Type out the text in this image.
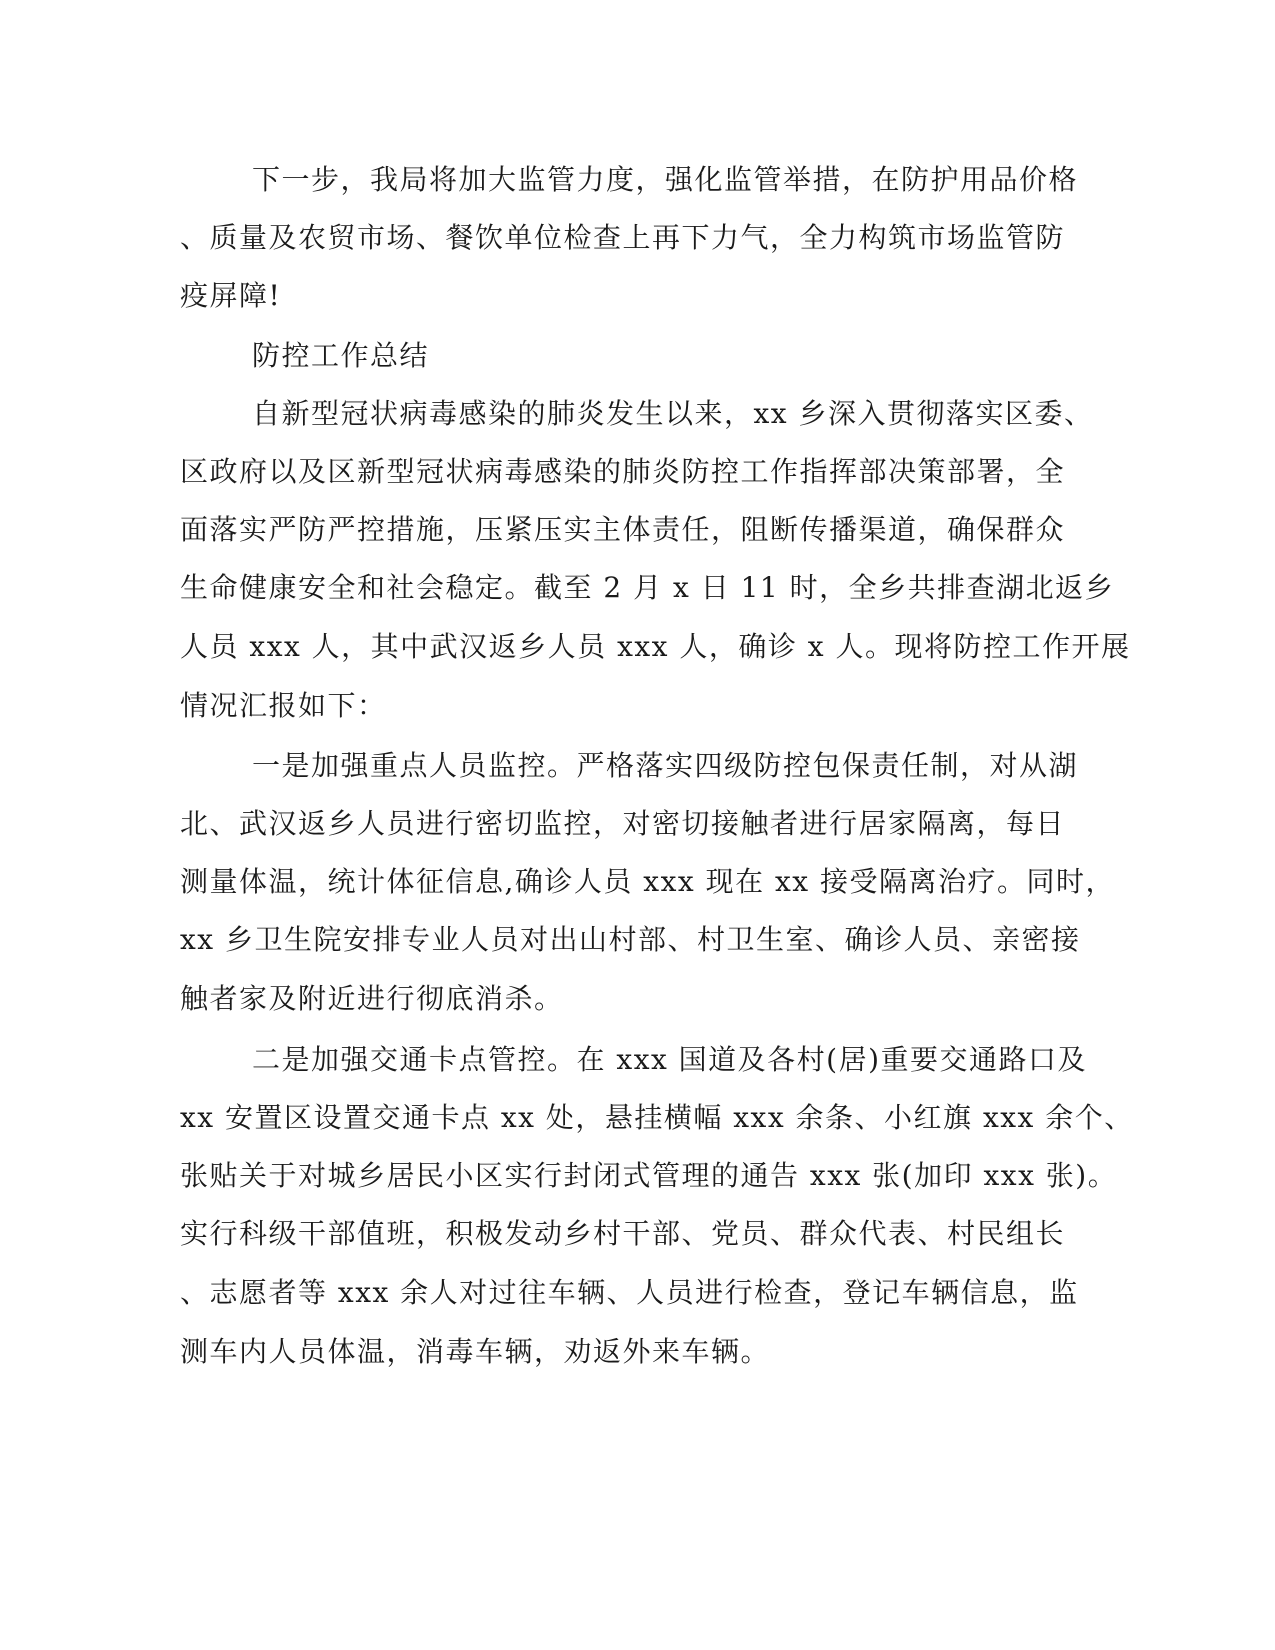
下一步，我局将加大监管力度，强化监管举措，在防护用品价格
、质量及农贸市场、餐饮单位检查上再下力气，全力构筑市场监管防
疫屏障!
防控工作总结
自新型冠状病毒感染的肺炎发生以来，xx 乡深入贯彻落实区委、
区政府以及区新型冠状病毒感染的肺炎防控工作指挥部决策部署，全
面落实严防严控措施，压紧压实主体责任，阻断传播渠道，确保群众
生命健康安全和社会稳定。截至 2 月 x 日 11 时，全乡共排查湖北返乡
人员 xxx 人，其中武汉返乡人员 xxx 人，确诊 x 人。现将防控工作开展
情况汇报如下：
一是加强重点人员监控。严格落实四级防控包保责任制，对从湖
北、武汉返乡人员进行密切监控，对密切接触者进行居家隔离，每日
测量体温，统计体征信息,确诊人员 xxx 现在 xx 接受隔离治疗。同时，
xx 乡卫生院安排专业人员对出山村部、村卫生室、确诊人员、亲密接
触者家及附近进行彻底消杀。
二是加强交通卡点管控。在 xxx 国道及各村(居)重要交通路口及
xx 安置区设置交通卡点 xx 处，悬挂横幅 xxx 余条、小红旗 xxx 余个、
张贴关于对城乡居民小区实行封闭式管理的通告 xxx 张(加印 xxx 张)。
实行科级干部值班，积极发动乡村干部、党员、群众代表、村民组长
、志愿者等 xxx 余人对过往车辆、人员进行检查，登记车辆信息，监
测车内人员体温，消毒车辆，劝返外来车辆。
